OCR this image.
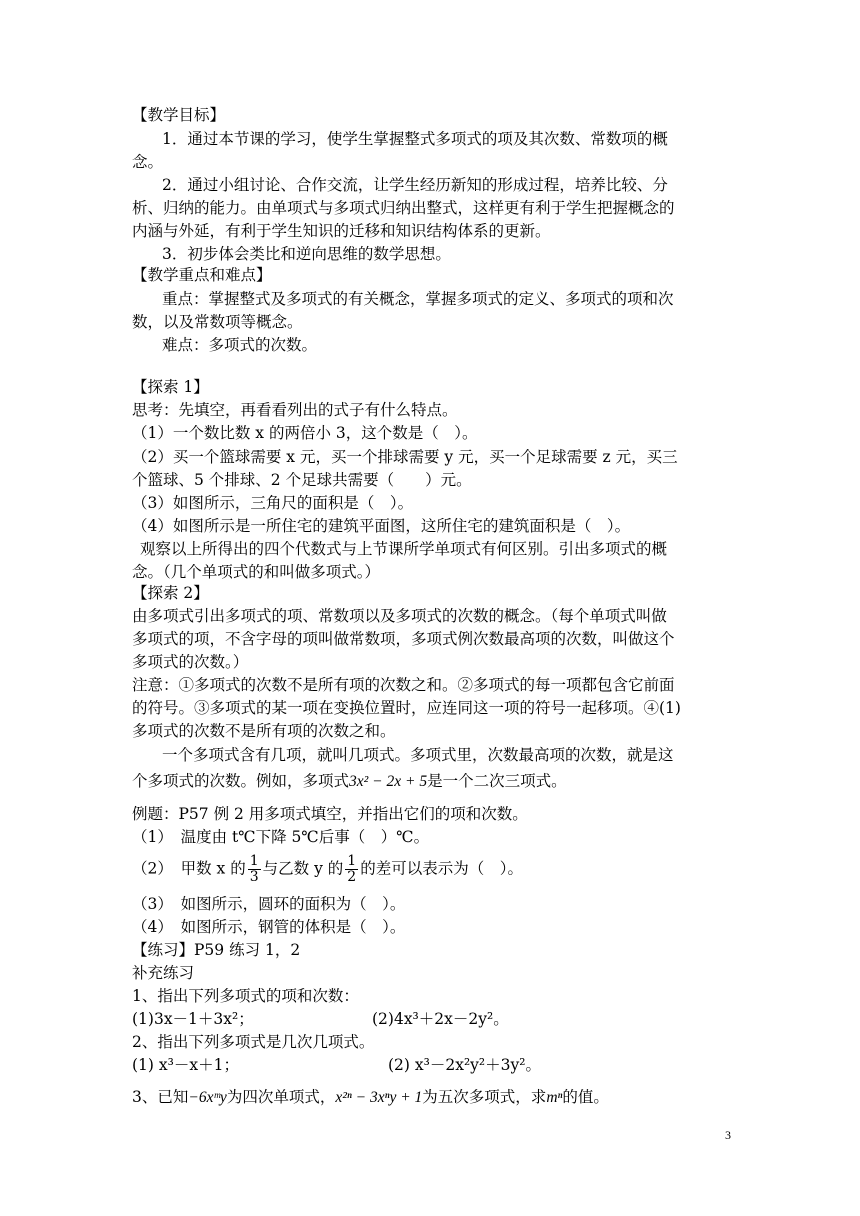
【教学目标】
1．通过本节课的学习，使学生掌握整式多项式的项及其次数、常数项的概
念。
2．通过小组讨论、合作交流，让学生经历新知的形成过程，培养比较、分
析、归纳的能力。由单项式与多项式归纳出整式，这样更有利于学生把握概念的
内涵与外延，有利于学生知识的迁移和知识结构体系的更新。
3．初步体会类比和逆向思维的数学思想。
【教学重点和难点】
重点：掌握整式及多项式的有关概念，掌握多项式的定义、多项式的项和次
数，以及常数项等概念。
难点：多项式的次数。
【探索 1】
思考：先填空，再看看列出的式子有什么特点。
（1）一个数比数 x 的两倍小 3，这个数是（　）。
（2）买一个篮球需要 x 元，买一个排球需要 y 元，买一个足球需要 z 元，买三
个篮球、5 个排球、2 个足球共需要（　　）元。
（3）如图所示，三角尺的面积是（　）。
（4）如图所示是一所住宅的建筑平面图，这所住宅的建筑面积是（　）。
观察以上所得出的四个代数式与上节课所学单项式有何区别。引出多项式的概
念。（几个单项式的和叫做多项式。）
【探索 2】
由多项式引出多项式的项、常数项以及多项式的次数的概念。（每个单项式叫做
多项式的项，不含字母的项叫做常数项，多项式例次数最高项的次数，叫做这个
多项式的次数。）
注意：①多项式的次数不是所有项的次数之和。②多项式的每一项都包含它前面
的符号。③多项式的某一项在变换位置时，应连同这一项的符号一起移项。④(1)
多项式的次数不是所有项的次数之和。
一个多项式含有几项，就叫几项式。多项式里，次数最高项的次数，就是这
个多项式的次数。例如，多项式3x² − 2x + 5是一个二次三项式。
例题：P57 例 2 用多项式填空，并指出它们的项和次数。
（1）　温度由 t℃下降 5℃后事（　）℃。
（2）　甲数 x 的 $\frac{1}{3}$ 与乙数 y 的 $\frac{1}{2}$ 的差可以表示为（　）。
（3）　如图所示，圆环的面积为（　）。
（4）　如图所示，钢管的体积是（　）。
【练习】P59 练习 1，2
补充练习
1、指出下列多项式的项和次数：
(1)3x－1＋3x²；	(2)4x³＋2x－2y²。
2、指出下列多项式是几次几项式。
(1) x³－x＋1；	(2) x³－2x²y²＋3y²。
3、已知−6xᵐy为四次单项式，x²ⁿ − 3xⁿy + 1为五次多项式，求mⁿ的值。
3
